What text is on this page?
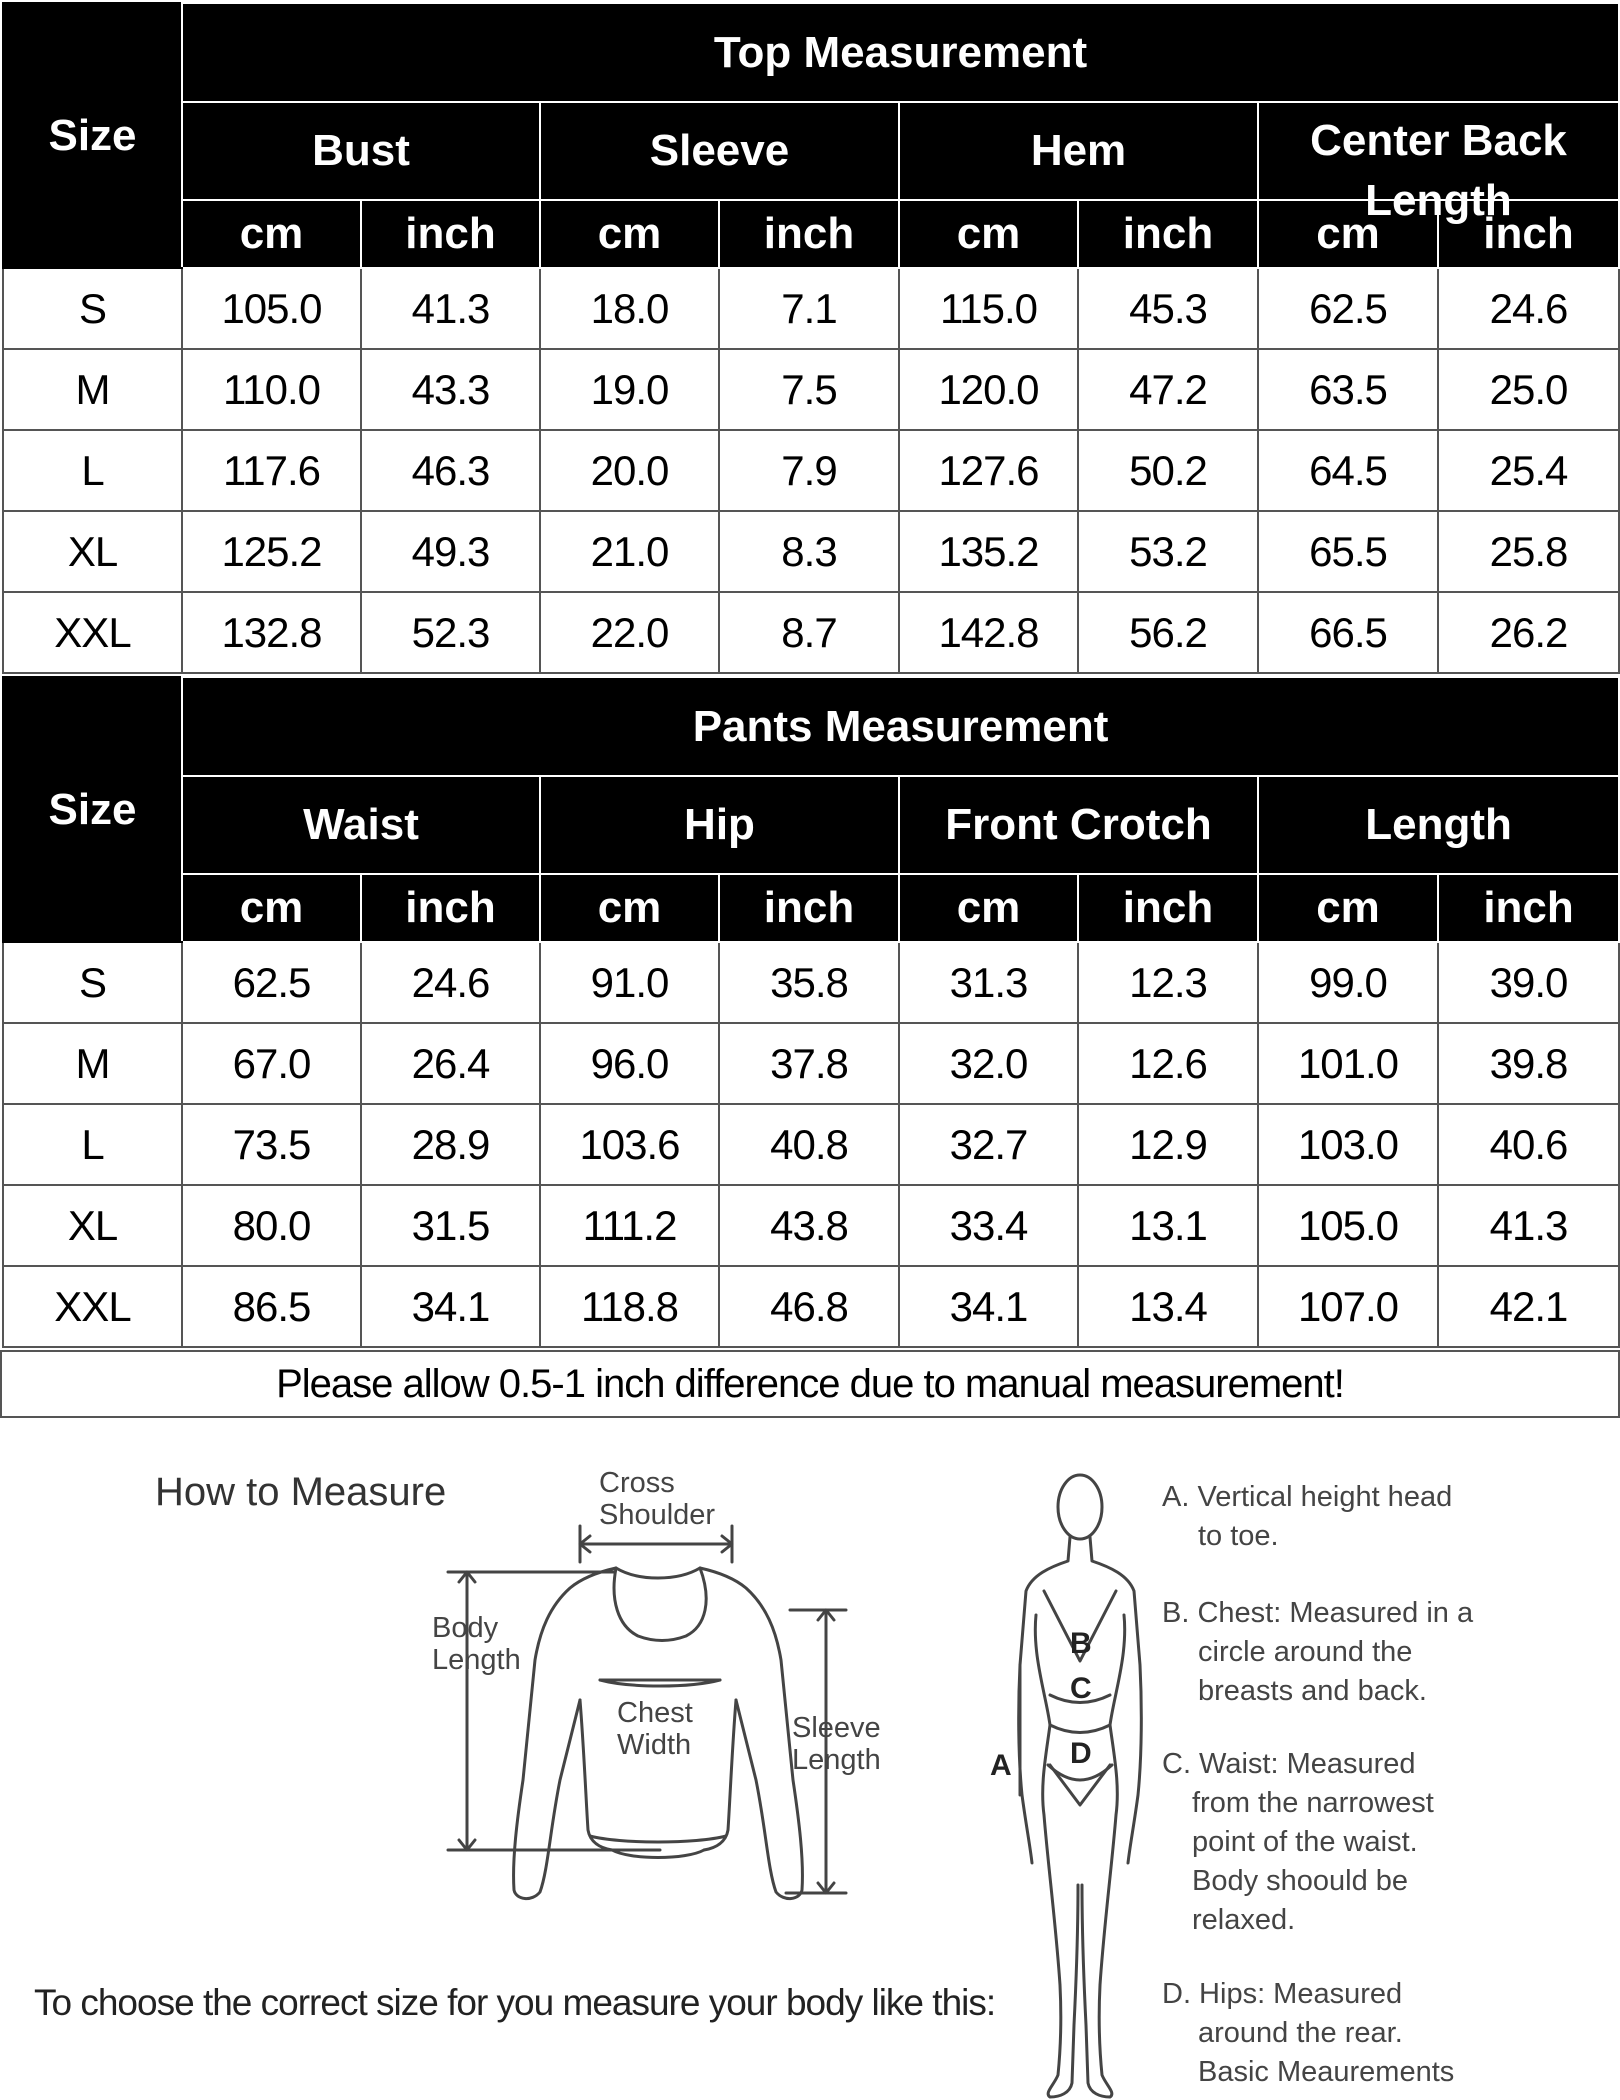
Size	Top Measurement							
	Bust		Sleeve		Hem		Center Back Length	

	cm	inch	cm	inch	cm	inch	cm	inch
S	105.0	41.3	18.0	7.1	115.0	45.3	62.5	24.6
M	110.0	43.3	19.0	7.5	120.0	47.2	63.5	25.0
L	117.6	46.3	20.0	7.9	127.6	50.2	64.5	25.4
XL	125.2	49.3	21.0	8.3	135.2	53.2	65.5	25.8
XXL	132.8	52.3	22.0	8.7	142.8	56.2	66.5	26.2
Size	Pants Measurement							
	Waist		Hip		Front Crotch		Length	
	cm	inch	cm	inch	cm	inch	cm	inch
S	62.5	24.6	91.0	35.8	31.3	12.3	99.0	39.0
M	67.0	26.4	96.0	37.8	32.0	12.6	101.0	39.8
L	73.5	28.9	103.6	40.8	32.7	12.9	103.0	40.6
XL	80.0	31.5	111.2	43.8	33.4	13.1	105.0	41.3
XXL	86.5	34.1	118.8	46.8	34.1	13.4	107.0	42.1
Please allow 0.5-1 inch difference due to manual measurement!
How to Measure	Cross
Shoulder
Body
Length
Chest
Width
Sleeve
Length
To choose the correct size for you measure your body like this:
B
C
D
A
A. Vertical height head
to toe.
B. Chest: Measured in a
circle around the
breasts and back.
C. Waist: Measured
from the narrowest
point of the waist.
Body shoould be
relaxed.
D. Hips: Measured
around the rear.
Basic Meaurements
